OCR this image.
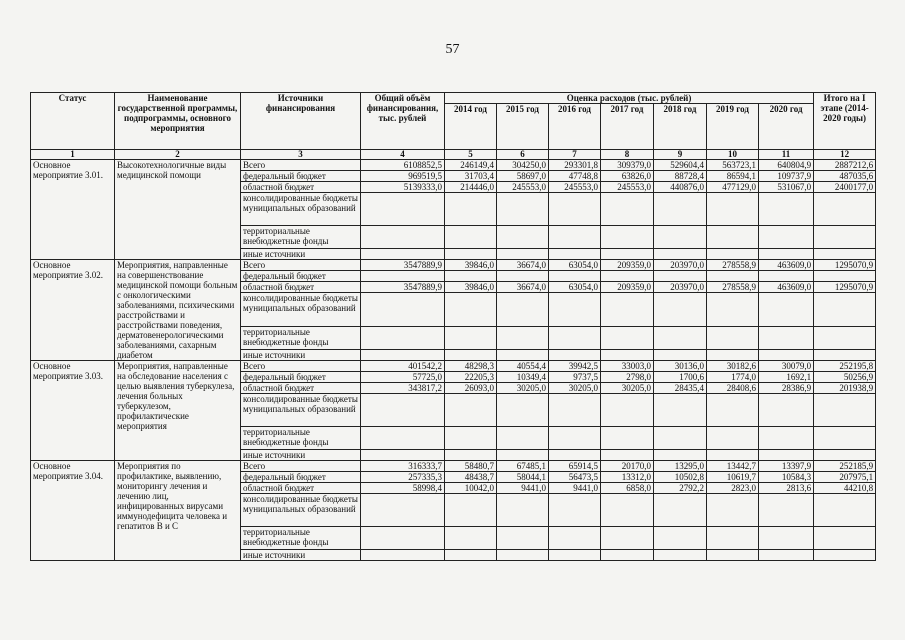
57
Статус	Наименование государственной программы, подпрограммы, основного мероприятия	Источники финансирования	Общий объём финансирования, тыс. рублей	Оценка расходов (тыс. рублей)							Итого на I этапе (2014-2020 годы)
				2014 год	2015 год	2016 год	2017 год	2018 год	2019 год	2020 год	
1	2	3	4	5	6	7	8	9	10	11	12
Основное мероприятие 3.01.	Высокотехнологичные виды медицинской помощи	Всего	6108852,5	246149,4	304250,0	293301,8	309379,0	529604,4	563723,1	640804,9	2887212,6
		федеральный бюджет	969519,5	31703,4	58697,0	47748,8	63826,0	88728,4	86594,1	109737,9	487035,6
		областной бюджет	5139333,0	214446,0	245553,0	245553,0	245553,0	440876,0	477129,0	531067,0	2400177,0
		консолидированные бюджеты муниципальных образований									
		территориальные внебюджетные фонды									
		иные источники									
Основное мероприятие 3.02.	Мероприятия, направленные на совершенствование медицинской помощи больным с онкологическими заболеваниями, психическими расстройствами и расстройствами поведения, дерматовенерологическими заболеваниями, сахарным диабетом	Всего	3547889,9	39846,0	36674,0	63054,0	209359,0	203970,0	278558,9	463609,0	1295070,9
		федеральный бюджет									
		областной бюджет	3547889,9	39846,0	36674,0	63054,0	209359,0	203970,0	278558,9	463609,0	1295070,9
		консолидированные бюджеты муниципальных образований									
		территориальные внебюджетные фонды									
		иные источники									
Основное мероприятие 3.03.	Мероприятия, направленные на обследование населения с целью выявления туберкулеза, лечения больных туберкулезом, профилактические мероприятия	Всего	401542,2	48298,3	40554,4	39942,5	33003,0	30136,0	30182,6	30079,0	252195,8
		федеральный бюджет	57725,0	22205,3	10349,4	9737,5	2798,0	1700,6	1774,0	1692,1	50256,9
		областной бюджет	343817,2	26093,0	30205,0	30205,0	30205,0	28435,4	28408,6	28386,9	201938,9
		консолидированные бюджеты муниципальных образований									
		территориальные внебюджетные фонды									
		иные источники									
Основное мероприятие 3.04.	Мероприятия по профилактике, выявлению, мониторингу лечения и лечению лиц, инфицированных вирусами иммунодефицита человека и гепатитов В и С	Всего	316333,7	58480,7	67485,1	65914,5	20170,0	13295,0	13442,7	13397,9	252185,9
		федеральный бюджет	257335,3	48438,7	58044,1	56473,5	13312,0	10502,8	10619,7	10584,3	207975,1
		областной бюджет	58998,4	10042,0	9441,0	9441,0	6858,0	2792,2	2823,0	2813,6	44210,8
		консолидированные бюджеты муниципальных образований									
		территориальные внебюджетные фонды									
		иные источники									
